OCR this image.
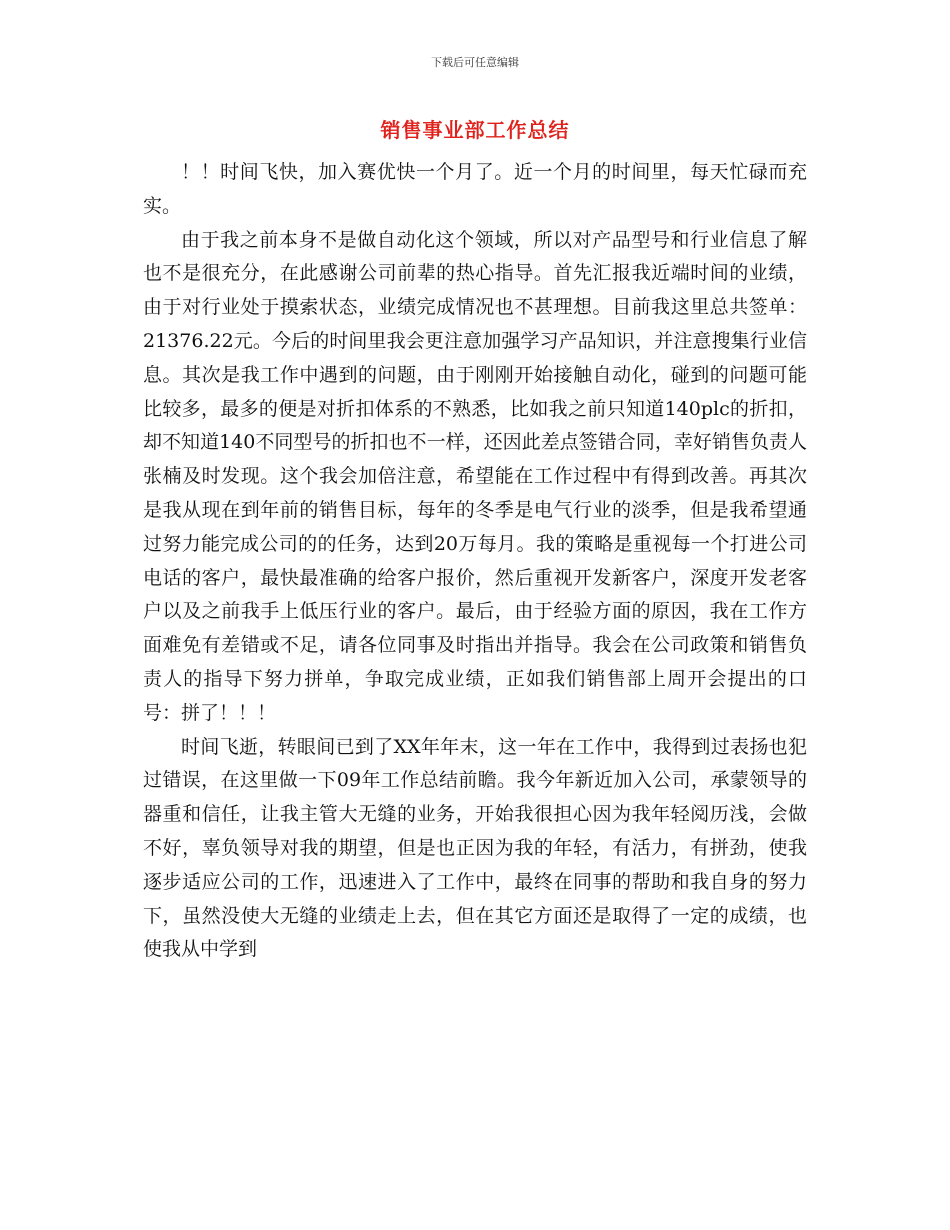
下载后可任意编辑
销售事业部工作总结

！！时间飞快，加入赛优快一个月了。近一个月的时间里，每天忙碌而充实。

由于我之前本身不是做自动化这个领域，所以对产品型号和行业信息了解也不是很充分，在此感谢公司前辈的热心指导。首先汇报我近端时间的业绩，由于对行业处于摸索状态，业绩完成情况也不甚理想。目前我这里总共签单：21376.22元。今后的时间里我会更注意加强学习产品知识，并注意搜集行业信息。其次是我工作中遇到的问题，由于刚刚开始接触自动化，碰到的问题可能比较多，最多的便是对折扣体系的不熟悉，比如我之前只知道140plc的折扣，却不知道140不同型号的折扣也不一样，还因此差点签错合同，幸好销售负责人张楠及时发现。这个我会加倍注意，希望能在工作过程中有得到改善。再其次是我从现在到年前的销售目标，每年的冬季是电气行业的淡季，但是我希望通过努力能完成公司的的任务，达到20万每月。我的策略是重视每一个打进公司电话的客户，最快最准确的给客户报价，然后重视开发新客户，深度开发老客户以及之前我手上低压行业的客户。最后，由于经验方面的原因，我在工作方面难免有差错或不足，请各位同事及时指出并指导。我会在公司政策和销售负责人的指导下努力拼单，争取完成业绩，正如我们销售部上周开会提出的口号：拼了！！！

时间飞逝，转眼间已到了XX年年末，这一年在工作中，我得到过表扬也犯过错误，在这里做一下09年工作总结前瞻。我今年新近加入公司，承蒙领导的器重和信任，让我主管大无缝的业务，开始我很担心因为我年轻阅历浅，会做不好，辜负领导对我的期望，但是也正因为我的年轻，有活力，有拼劲，使我逐步适应公司的工作，迅速进入了工作中，最终在同事的帮助和我自身的努力下，虽然没使大无缝的业绩走上去，但在其它方面还是取得了一定的成绩，也使我从中学到
